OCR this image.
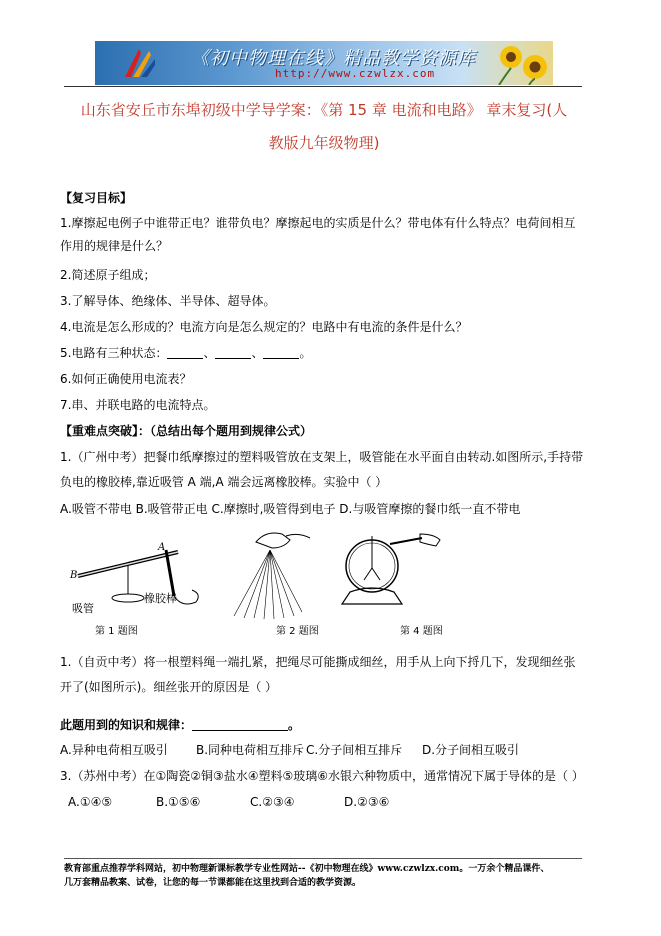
《初中物理在线》精品教学资源库
http://www.czwlzx.com
山东省安丘市东埠初级中学导学案：《第 15 章 电流和电路》 章末复习(人
教版九年级物理)
【复习目标】
1.摩擦起电例子中谁带正电？谁带负电？摩擦起电的实质是什么？带电体有什么特点？电荷间相互作用的规律是什么？
2.简述原子组成；
3.了解导体、绝缘体、半导体、超导体。
4.电流是怎么形成的？电流方向是怎么规定的？电路中有电流的条件是什么？
5.电路有三种状态：	、	、	。
6.如何正确使用电流表？
7.串、并联电路的电流特点。
【重难点突破】：（总结出每个题用到规律公式）
1.（广州中考）把餐巾纸摩擦过的塑料吸管放在支架上，吸管能在水平面自由转动.如图所示,手持带负电的橡胶棒,靠近吸管 A 端,A 端会远离橡胶棒。实验中（ ）
A.吸管不带电 B.吸管带正电 C.摩擦时,吸管得到电子 D.与吸管摩擦的餐巾纸一直不带电
B
A
吸管
橡胶棒
第 1 题图	第 2 题图	第 4 题图
1.（自贡中考）将一根塑料绳一端扎紧，把绳尽可能撕成细丝，用手从上向下捋几下，发现细丝张开了(如图所示)。细丝张开的原因是（ ）
此题用到的知识和规律：	。
A.异种电荷相互吸引 B.同种电荷相互排斥 C.分子间相互排斥 D.分子间相互吸引
3.（苏州中考）在①陶瓷②铜③盐水④塑料⑤玻璃⑥水银六种物质中，通常情况下属于导体的是（ ）
A.①④⑤	B.①⑤⑥	C.②③④	D.②③⑥
教育部重点推荐学科网站，初中物理新课标教学专业性网站--《初中物理在线》www.czwlzx.com。一万余个精品课件、
几万套精品教案、试卷，让您的每一节课都能在这里找到合适的教学资源。
